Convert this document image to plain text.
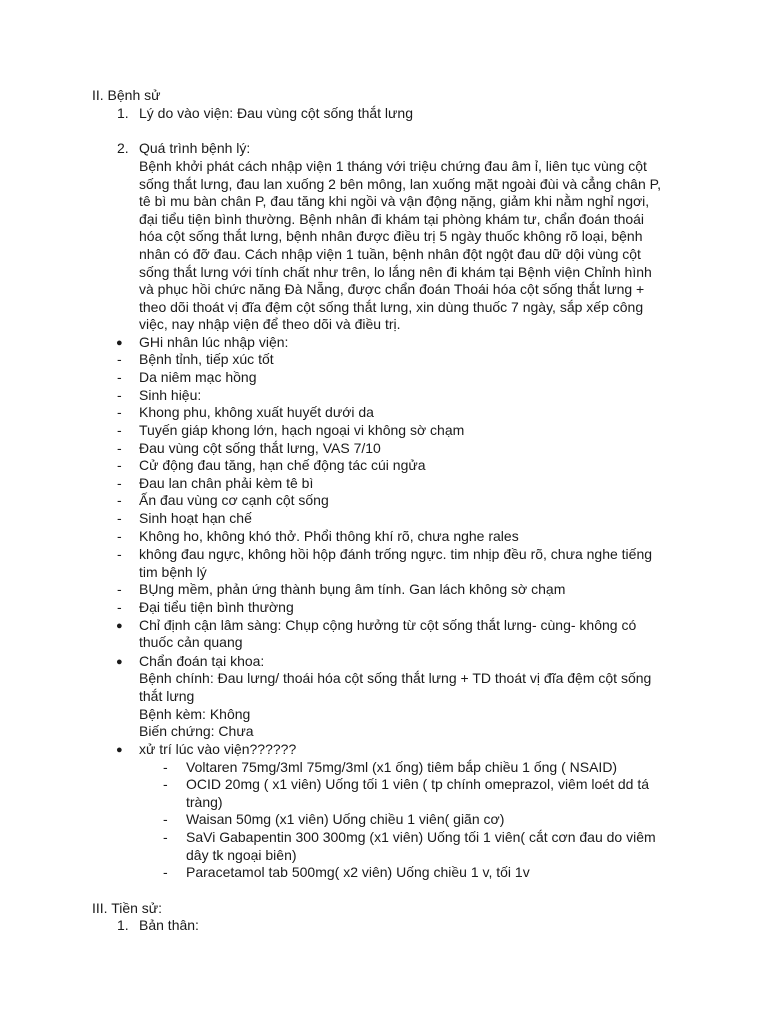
II. Bệnh sử
1. Lý do vào viện: Đau vùng cột sống thắt lưng
2. Quá trình bệnh lý:
Bệnh khởi phát cách nhập viện 1 tháng với triệu chứng đau âm ỉ, liên tục vùng cột
sống thắt lưng, đau lan xuống 2 bên mông, lan xuống mặt ngoài đùi và cẳng chân P,
tê bì mu bàn chân P, đau tăng khi ngồi và vận động nặng, giảm khi nằm nghỉ ngơi,
đại tiểu tiện bình thường. Bệnh nhân đi khám tại phòng khám tư, chẩn đoán thoái
hóa cột sống thắt lưng, bệnh nhân được điều trị 5 ngày thuốc không rõ loại, bệnh
nhân có đỡ đau. Cách nhập viện 1 tuần, bệnh nhân đột ngột đau dữ dội vùng cột
sống thắt lưng với tính chất như trên, lo lắng nên đi khám tại Bệnh viện Chỉnh hình
và phục hồi chức năng Đà Nẵng, được chẩn đoán Thoái hóa cột sống thắt lưng +
theo dõi thoát vị đĩa đệm cột sống thắt lưng, xin dùng thuốc 7 ngày, sắp xếp công
việc, nay nhập viện để theo dõi và điều trị.
● GHi nhân lúc nhập viện:
- Bệnh tỉnh, tiếp xúc tốt
- Da niêm mạc hồng
- Sinh hiệu:
- Khong phu, không xuất huyết dưới da
- Tuyến giáp khong lớn, hạch ngoại vi không sờ chạm
- Đau vùng cột sống thắt lưng, VAS 7/10
- Cử động đau tăng, hạn chế động tác cúi ngửa
- Đau lan chân phải kèm tê bì
- Ấn đau vùng cơ cạnh cột sống
- Sinh hoạt hạn chế
- Không ho, không khó thở. Phổi thông khí rõ, chưa nghe rales
- không đau ngực, không hồi hộp đánh trống ngực. tim nhịp đều rõ, chưa nghe tiếng
tim bệnh lý
- BỤng mềm, phản ứng thành bụng âm tính. Gan lách không sờ chạm
- Đại tiểu tiện bình thường
● Chỉ định cận lâm sàng: Chụp cộng hưởng từ cột sống thắt lưng- cùng- không có
thuốc cản quang
● Chẩn đoán tại khoa:
Bệnh chính: Đau lưng/ thoái hóa cột sống thắt lưng + TD thoát vị đĩa đệm cột sống
thắt lưng
Bệnh kèm: Không
Biến chứng: Chưa
● xử trí lúc vào viện??????
- Voltaren 75mg/3ml 75mg/3ml (x1 ống) tiêm bắp chiều 1 ống ( NSAID)
- OCID 20mg ( x1 viên) Uống tối 1 viên ( tp chính omeprazol, viêm loét dd tá
tràng)
- Waisan 50mg (x1 viên) Uống chiều 1 viên( giãn cơ)
- SaVi Gabapentin 300 300mg (x1 viên) Uống tối 1 viên( cắt cơn đau do viêm
dây tk ngoại biên)
- Paracetamol tab 500mg( x2 viên) Uống chiều 1 v, tối 1v
III. Tiền sử:
1. Bản thân:
